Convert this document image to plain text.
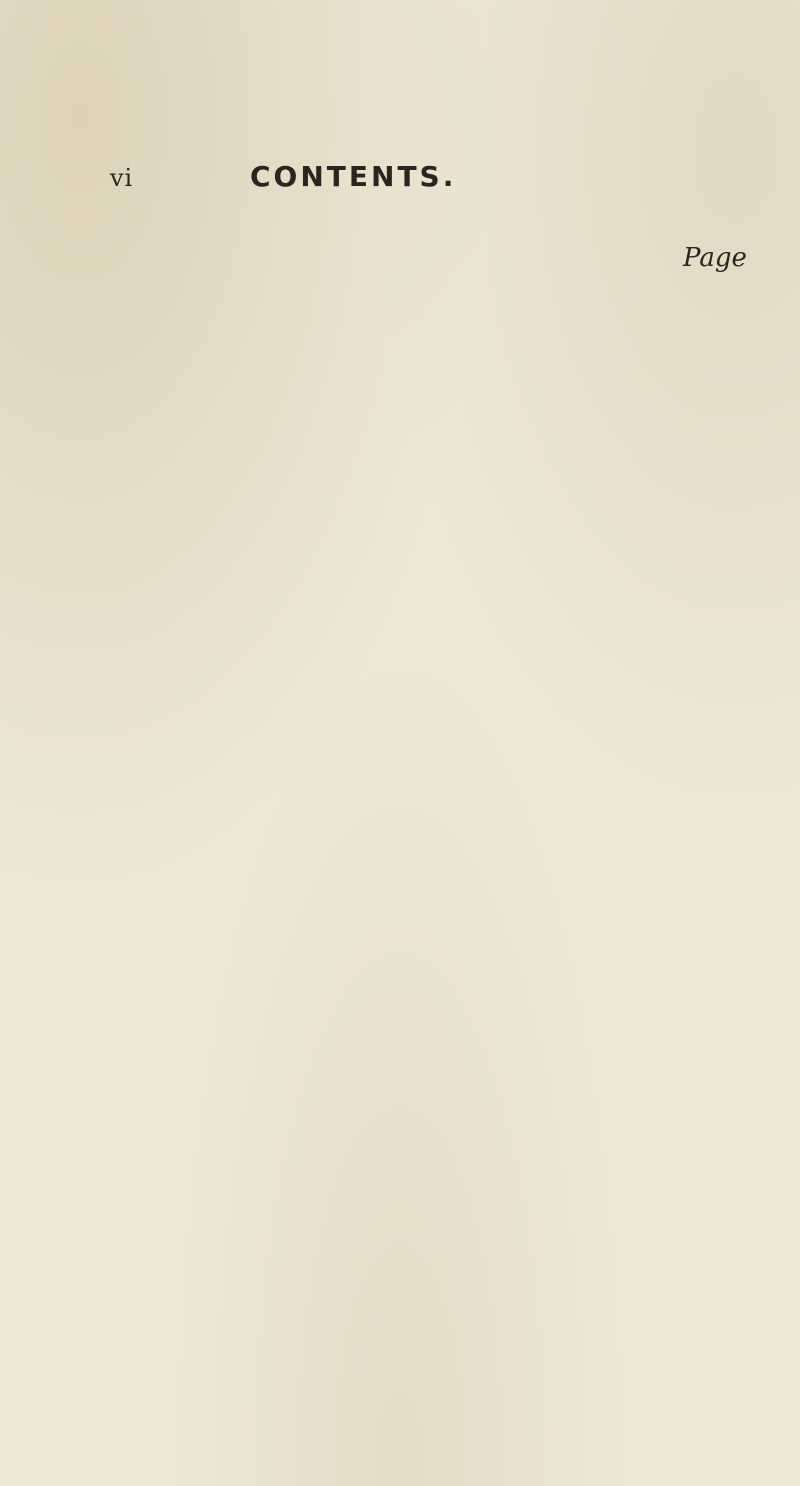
vi	CONTENTS.
Page
